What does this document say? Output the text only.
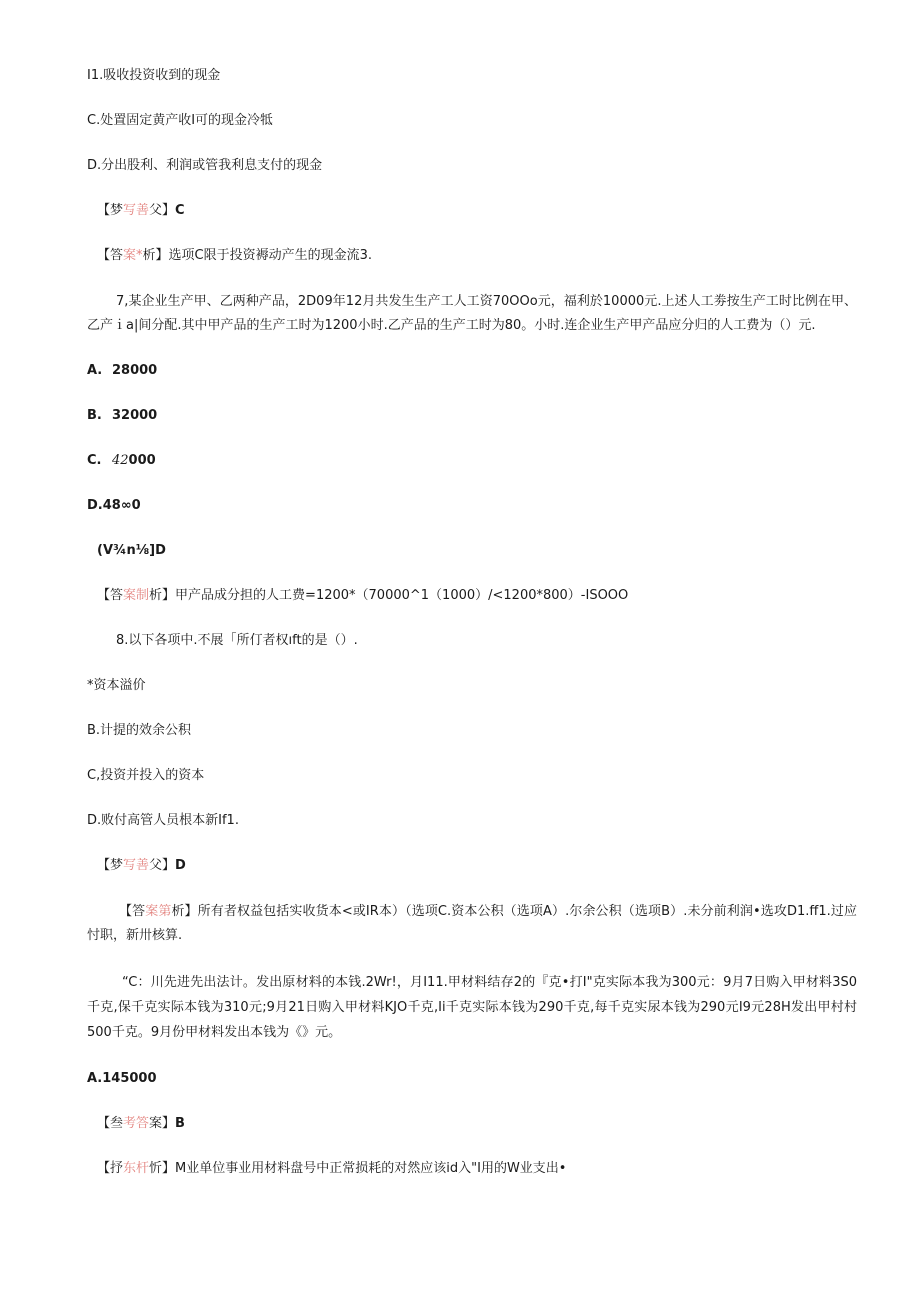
I1.吸收投资收到的现金
C.处置固定黄产收I可的现金冷牴
D.分出股利、利润或管我利息支付的现金
【梦写善父】C
【答案*析】选项C限于投资褥动产生的现金流3.
7,某企业生产甲、乙两种产品，2D09年12月共发生生产工人工资70OOo元，福利於10000元.上述人工劵按生产工时比例在甲、乙产ｉa|间分配.其中甲产品的生产工时为1200小时.乙产品的生产工时为80。小时.连企业生产甲产品应分归的人工费为（）元.
A. 28000
B. 32000
C. 42000
D.48∞0
(V¾n⅛]D
【答案制析】甲产品成分担的人工费=1200*（70000^1（1000）/<1200*800）-ISOOO
8.以下各项中.不展「所仃者权ıft的是（）.
*资本溢价
B.计提的效余公积
C,投资并投入的资本
D.败付高管人员根本新If1.
【梦写善父】D
【答案第析】所有者权益包括实收货本<或IR本）（选项C.资本公积（选项A）.尔余公积（选项B）.未分前利润•选攻D1.ff1.过应忖职，新卅核算.
“C：川先进先出法计。发出原材料的本钱.2Wr!，月I11.甲材料结存2的『克•打I"克实际本我为300元：9月7日购入甲材料3S0千克,保千克实际本钱为310元;9月21日购入甲材料KJO千克,Ii千克实际本钱为290千克,每千克实尿本钱为290元I9元28H发出甲村村500千克。9月份甲材料发出本钱为《》元。
A.145000
【叁考答案】B
【抒东杆忻】M业单位事业用材料盘号中正常损耗的对然应该id入"I用的W业支出•
